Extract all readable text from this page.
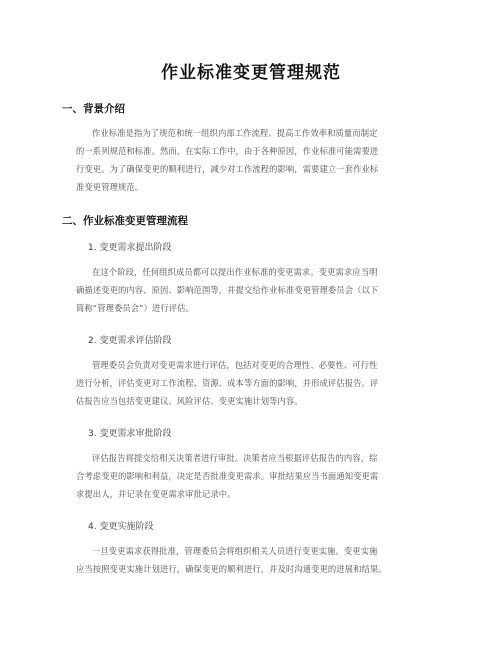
作业标准变更管理规范

一、背景介绍

作业标准是指为了规范和统一组织内部工作流程、提高工作效率和质量而制定

的一系列规范和标准。然而，在实际工作中，由于各种原因，作业标准可能需要进

行变更。为了确保变更的顺利进行，减少对工作流程的影响，需要建立一套作业标

准变更管理规范。

二、作业标准变更管理流程

1. 变更需求提出阶段

在这个阶段，任何组织成员都可以提出作业标准的变更需求。变更需求应当明

确描述变更的内容、原因、影响范围等，并提交给作业标准变更管理委员会（以下

简称“管理委员会”）进行评估。

2. 变更需求评估阶段

管理委员会负责对变更需求进行评估，包括对变更的合理性、必要性、可行性

进行分析，评估变更对工作流程、资源、成本等方面的影响，并形成评估报告。评

估报告应当包括变更建议、风险评估、变更实施计划等内容。

3. 变更需求审批阶段

评估报告将提交给相关决策者进行审批。决策者应当根据评估报告的内容，综

合考虑变更的影响和利益，决定是否批准变更需求。审批结果应当书面通知变更需

求提出人，并记录在变更需求审批记录中。

4. 变更实施阶段

一旦变更需求获得批准，管理委员会将组织相关人员进行变更实施。变更实施

应当按照变更实施计划进行，确保变更的顺利进行，并及时沟通变更的进展和结果。
